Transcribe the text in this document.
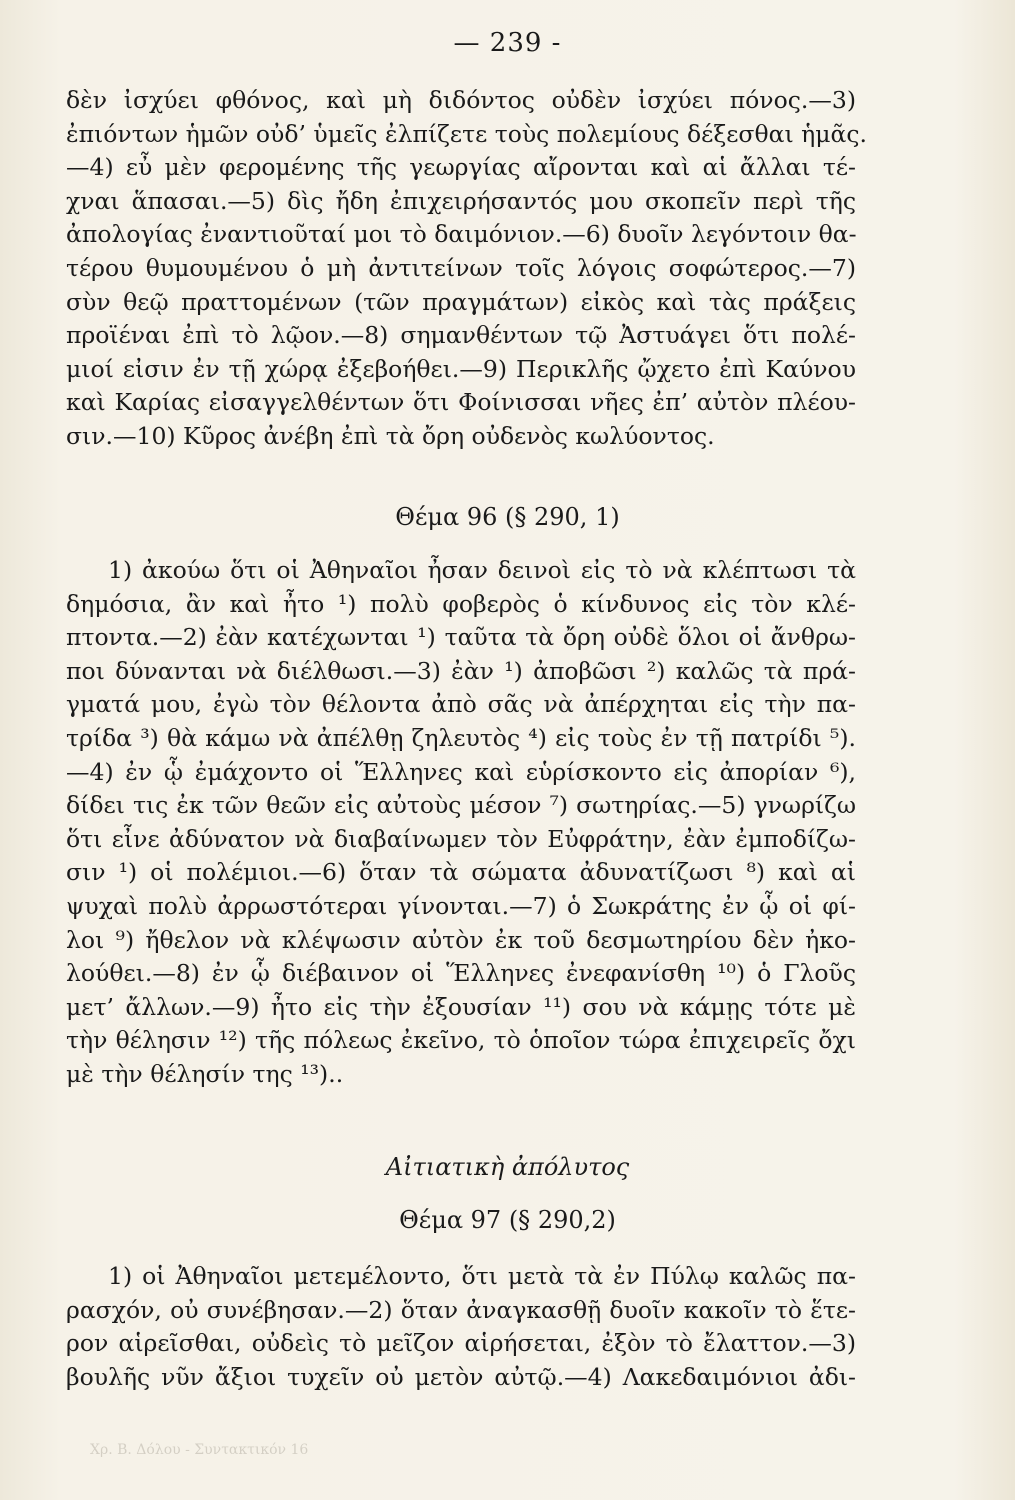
— 239 -
δὲν ἰσχύει φθόνος, καὶ μὴ διδόντος οὐδὲν ἰσχύει πόνος.—3)
ἐπιόντων ἡμῶν οὐδ’ ὑμεῖς ἐλπίζετε τοὺς πολεμίους δέξεσθαι ἡμᾶς.
—4) εὖ μὲν φερομένης τῆς γεωργίας αἴρονται καὶ αἱ ἄλλαι τέ-
χναι ἅπασαι.—5) δὶς ἤδη ἐπιχειρήσαντός μου σκοπεῖν περὶ τῆς
ἀπολογίας ἐναντιοῦταί μοι τὸ δαιμόνιον.—6) δυοῖν λεγόντοιν θα-
τέρου θυμουμένου ὁ μὴ ἀντιτείνων τοῖς λόγοις σοφώτερος.—7)
σὺν θεῷ πραττομένων (τῶν πραγμάτων) εἰκὸς καὶ τὰς πράξεις
προϊέναι ἐπὶ τὸ λῷον.—8) σημανθέντων τῷ Ἀστυάγει ὅτι πολέ-
μιοί εἰσιν ἐν τῇ χώρᾳ ἐξεβοήθει.—9) Περικλῆς ᾤχετο ἐπὶ Καύνου
καὶ Καρίας εἰσαγγελθέντων ὅτι Φοίνισσαι νῆες ἐπ’ αὐτὸν πλέου-
σιν.—10) Κῦρος ἀνέβη ἐπὶ τὰ ὄρη οὐδενὸς κωλύοντος.
Θέμα 96 (§ 290, 1)
1) ἀκούω ὅτι οἱ Ἀθηναῖοι ἦσαν δεινοὶ εἰς τὸ νὰ κλέπτωσι τὰ
δημόσια, ἂν καὶ ἦτο ¹) πολὺ φοβερὸς ὁ κίνδυνος εἰς τὸν κλέ-
πτοντα.—2) ἐὰν κατέχωνται ¹) ταῦτα τὰ ὄρη οὐδὲ ὅλοι οἱ ἄνθρω-
ποι δύνανται νὰ διέλθωσι.—3) ἐὰν ¹) ἀποβῶσι ²) καλῶς τὰ πρά-
γματά μου, ἐγὼ τὸν θέλοντα ἀπὸ σᾶς νὰ ἀπέρχηται εἰς τὴν πα-
τρίδα ³) θὰ κάμω νὰ ἀπέλθῃ ζηλευτὸς ⁴) εἰς τοὺς ἐν τῇ πατρίδι ⁵).
—4) ἐν ᾧ ἐμάχοντο οἱ Ἕλληνες καὶ εὑρίσκοντο εἰς ἀπορίαν ⁶),
δίδει τις ἐκ τῶν θεῶν εἰς αὐτοὺς μέσον ⁷) σωτηρίας.—5) γνωρίζω
ὅτι εἶνε ἀδύνατον νὰ διαβαίνωμεν τὸν Εὐφράτην, ἐὰν ἐμποδίζω-
σιν ¹) οἱ πολέμιοι.—6) ὅταν τὰ σώματα ἀδυνατίζωσι ⁸) καὶ αἱ
ψυχαὶ πολὺ ἀρρωστότεραι γίνονται.—7) ὁ Σωκράτης ἐν ᾧ οἱ φί-
λοι ⁹) ἤθελον νὰ κλέψωσιν αὐτὸν ἐκ τοῦ δεσμωτηρίου δὲν ἠκο-
λούθει.—8) ἐν ᾧ διέβαινον οἱ Ἕλληνες ἐνεφανίσθη ¹⁰) ὁ Γλοῦς
μετ’ ἄλλων.—9) ἦτο εἰς τὴν ἐξουσίαν ¹¹) σου νὰ κάμῃς τότε μὲ
τὴν θέλησιν ¹²) τῆς πόλεως ἐκεῖνο, τὸ ὁποῖον τώρα ἐπιχειρεῖς ὄχι
μὲ τὴν θέλησίν της ¹³)..
Αἰτιατικὴ ἀπόλυτος
Θέμα 97 (§ 290,2)
1) οἱ Ἀθηναῖοι μετεμέλοντο, ὅτι μετὰ τὰ ἐν Πύλῳ καλῶς πα-
ρασχόν, οὐ συνέβησαν.—2) ὅταν ἀναγκασθῇ δυοῖν κακοῖν τὸ ἕτε-
ρον αἱρεῖσθαι, οὐδεὶς τὸ μεῖζον αἱρήσεται, ἐξὸν τὸ ἔλαττον.—3)
βουλῆς νῦν ἄξιοι τυχεῖν οὐ μετὸν αὐτῷ.—4) Λακεδαιμόνιοι ἀδι-
Χρ. Β. Δόλου - Συντακτικόν 16
